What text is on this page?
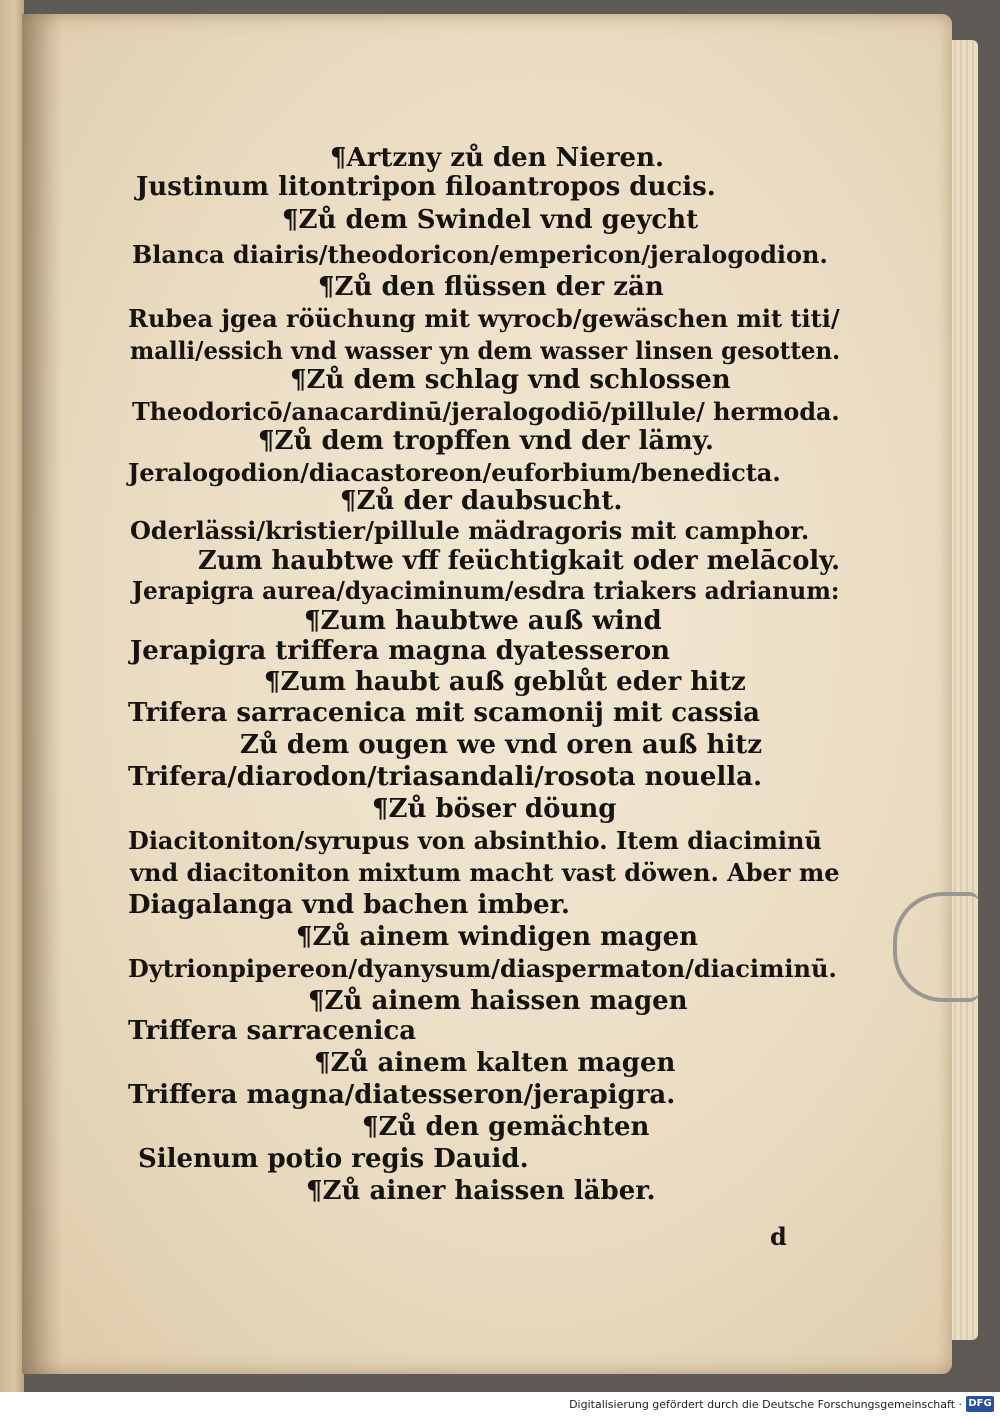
¶Artzny zů den Nieren.
Justinum litontripon filoantropos ducis.
¶Zů dem Swindel vnd geycht
Blanca diairis/theodoricon/empericon/jeralogodion.
¶Zů den flüssen der zän
Rubea jgea röüchung mit wyrocb/gewäschen mit titi/
malli/essich vnd wasser yn dem wasser linsen gesotten.
¶Zů dem schlag vnd schlossen
Theodoricō/anacardinū/jeralogodiō/pillule/ hermoda.
¶Zů dem tropffen vnd der lämy.
Jeralogodion/diacastoreon/euforbium/benedicta.
¶Zů der daubsucht.
Oderlässi/kristier/pillule mädragoris mit camphor.
Zum haubtwe vff feüchtigkait oder melācoly.
Jerapigra aurea/dyaciminum/esdra triakers adrianum:
¶Zum haubtwe auß wind
Jerapigra triffera magna dyatesseron
¶Zum haubt auß geblůt eder hitz
Trifera sarracenica mit scamonij mit cassia
Zů dem ougen we vnd oren auß hitz
Trifera/diarodon/triasandali/rosota nouella.
¶Zů böser döung
Diacitoniton/syrupus von absinthio. Item diaciminū
vnd diacitoniton mixtum macht vast döwen. Aber me
Diagalanga vnd bachen imber.
¶Zů ainem windigen magen
Dytrionpipereon/dyanysum/diaspermaton/diaciminū.
¶Zů ainem haissen magen
Triffera sarracenica
¶Zů ainem kalten magen
Triffera magna/diatesseron/jerapigra.
¶Zů den gemächten
Silenum potio regis Dauid.
¶Zů ainer haissen läber.
d
Digitalisierung gefördert durch die Deutsche Forschungsgemeinschaft · DFG
